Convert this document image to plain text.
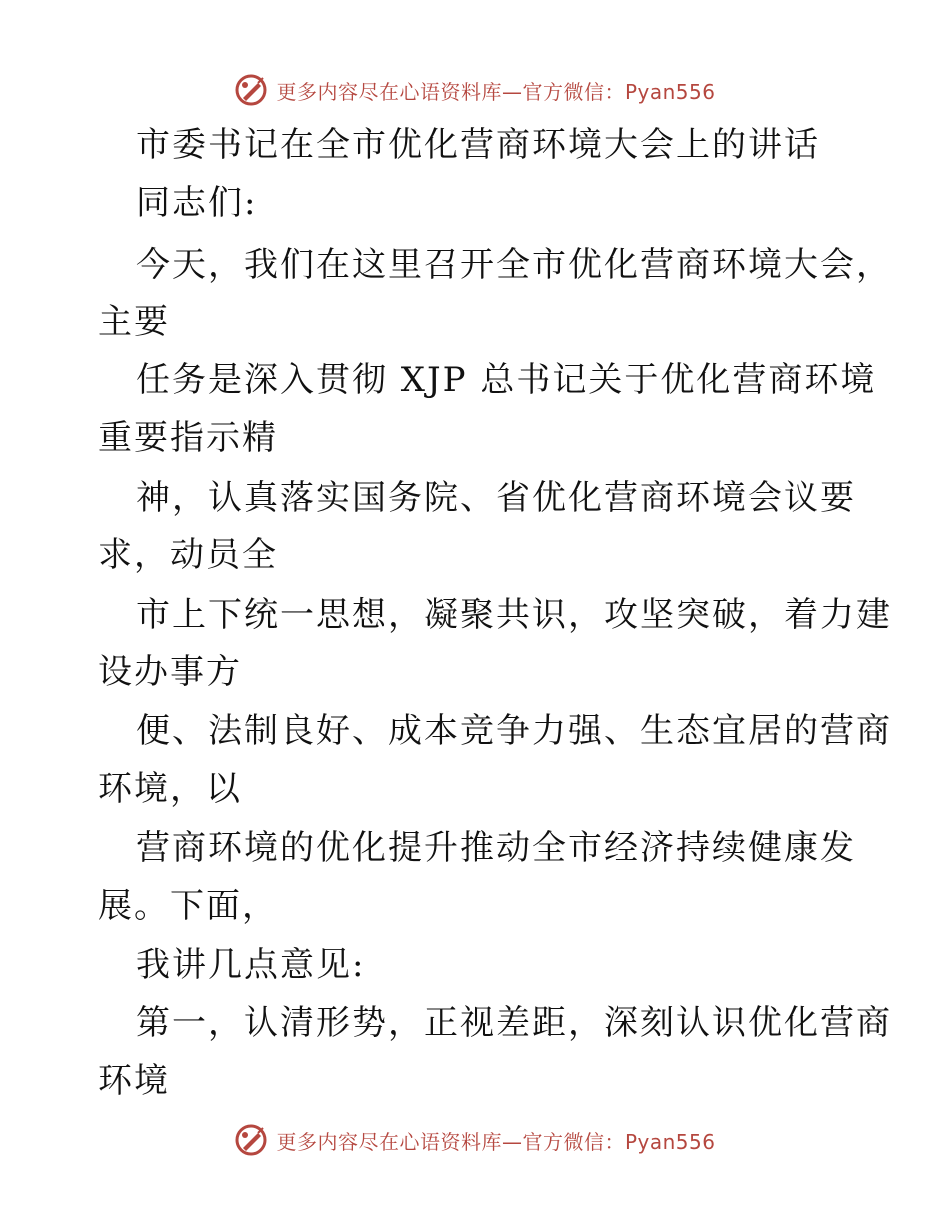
更多内容尽在心语资料库—官方微信：Pyan556
市委书记在全市优化营商环境大会上的讲话
同志们:
今天，我们在这里召开全市优化营商环境大会，
主要
任务是深入贯彻 XJP 总书记关于优化营商环境
重要指示精
神，认真落实国务院、省优化营商环境会议要
求，动员全
市上下统一思想，凝聚共识，攻坚突破，着力建
设办事方
便、法制良好、成本竞争力强、生态宜居的营商
环境，以
营商环境的优化提升推动全市经济持续健康发
展。下面，
我讲几点意见:
第一，认清形势，正视差距，深刻认识优化营商
环境
更多内容尽在心语资料库—官方微信：Pyan556
